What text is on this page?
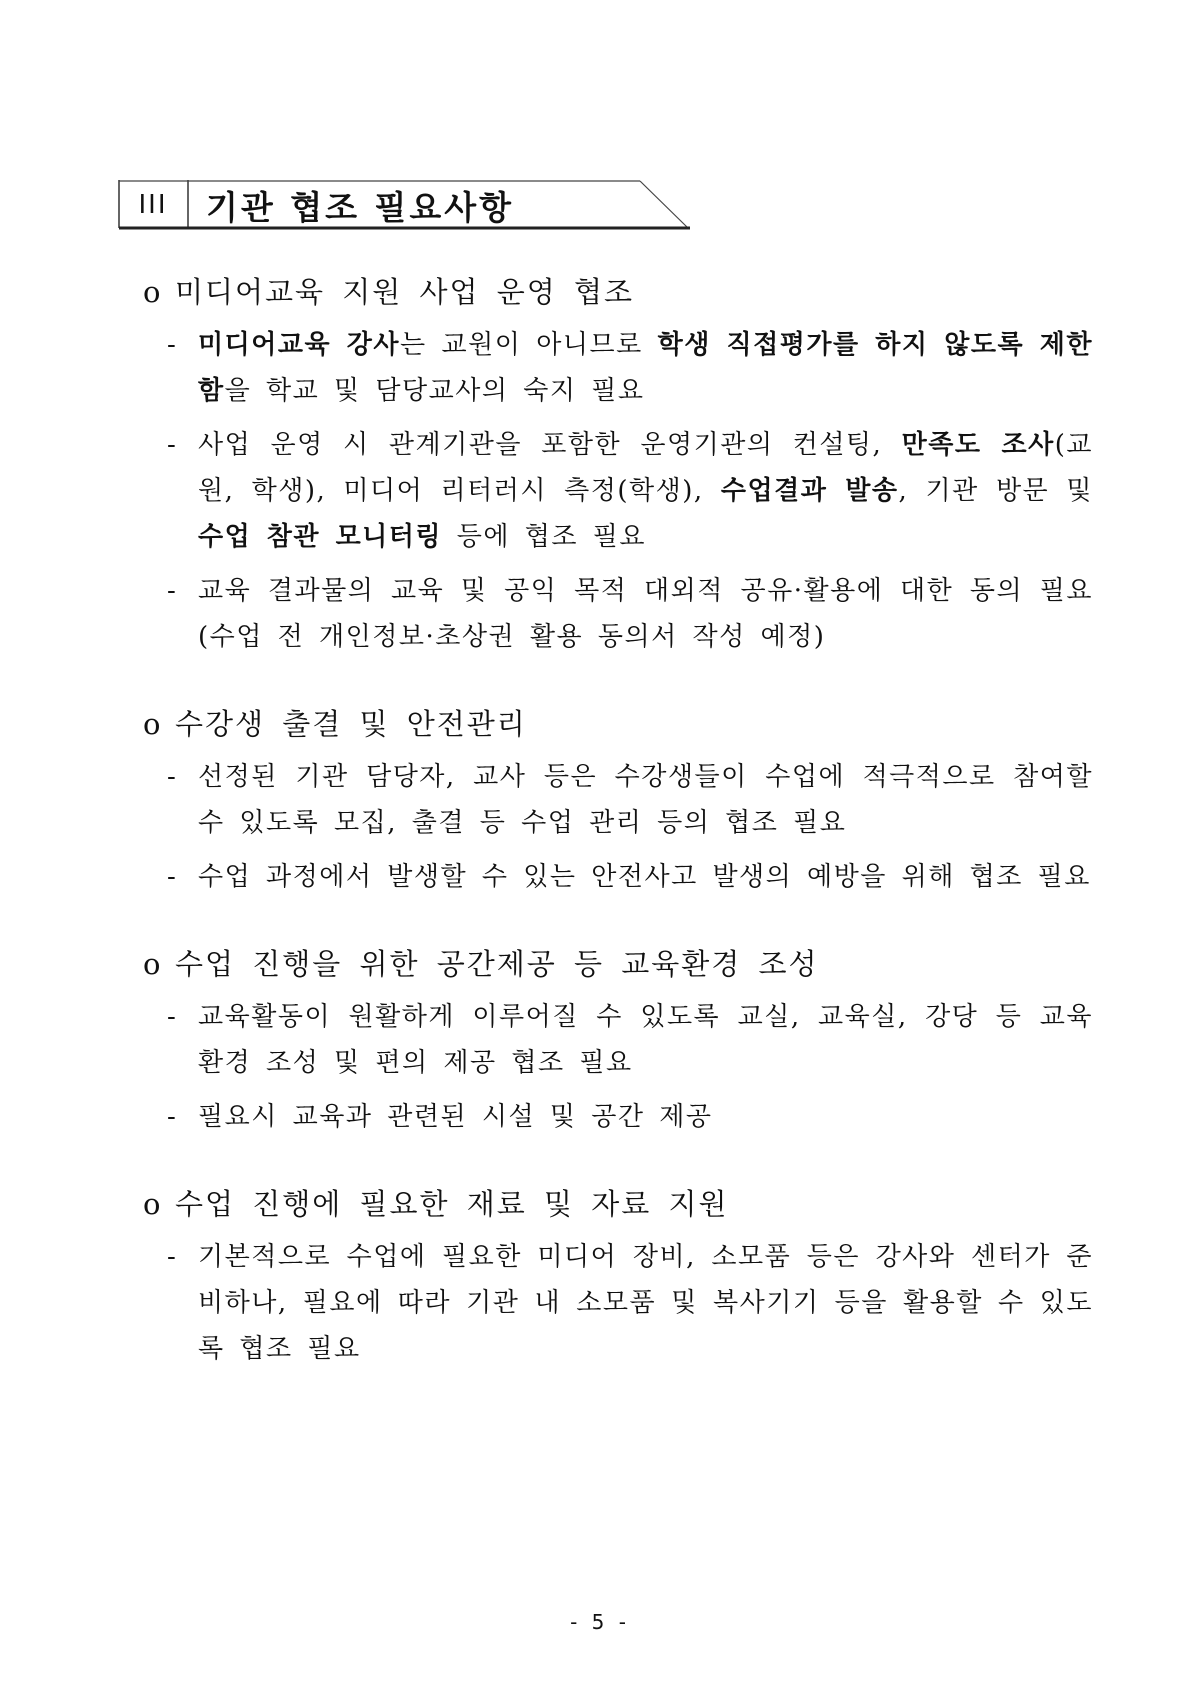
III	기관 협조 필요사항
o 미디어교육 지원 사업 운영 협조
- 미디어교육 강사는 교원이 아니므로 학생 직접평가를 하지 않도록 제한함을 학교 및 담당교사의 숙지 필요
- 사업 운영 시 관계기관을 포함한 운영기관의 컨설팅, 만족도 조사(교원, 학생), 미디어 리터러시 측정(학생), 수업결과 발송, 기관 방문 및 수업 참관 모니터링 등에 협조 필요
- 교육 결과물의 교육 및 공익 목적 대외적 공유·활용에 대한 동의 필요 (수업 전 개인정보·초상권 활용 동의서 작성 예정)
o 수강생 출결 및 안전관리
- 선정된 기관 담당자, 교사 등은 수강생들이 수업에 적극적으로 참여할 수 있도록 모집, 출결 등 수업 관리 등의 협조 필요
- 수업 과정에서 발생할 수 있는 안전사고 발생의 예방을 위해 협조 필요
o 수업 진행을 위한 공간제공 등 교육환경 조성
- 교육활동이 원활하게 이루어질 수 있도록 교실, 교육실, 강당 등 교육환경 조성 및 편의 제공 협조 필요
- 필요시 교육과 관련된 시설 및 공간 제공
o 수업 진행에 필요한 재료 및 자료 지원
- 기본적으로 수업에 필요한 미디어 장비, 소모품 등은 강사와 센터가 준비하나, 필요에 따라 기관 내 소모품 및 복사기기 등을 활용할 수 있도록 협조 필요
- 5 -
